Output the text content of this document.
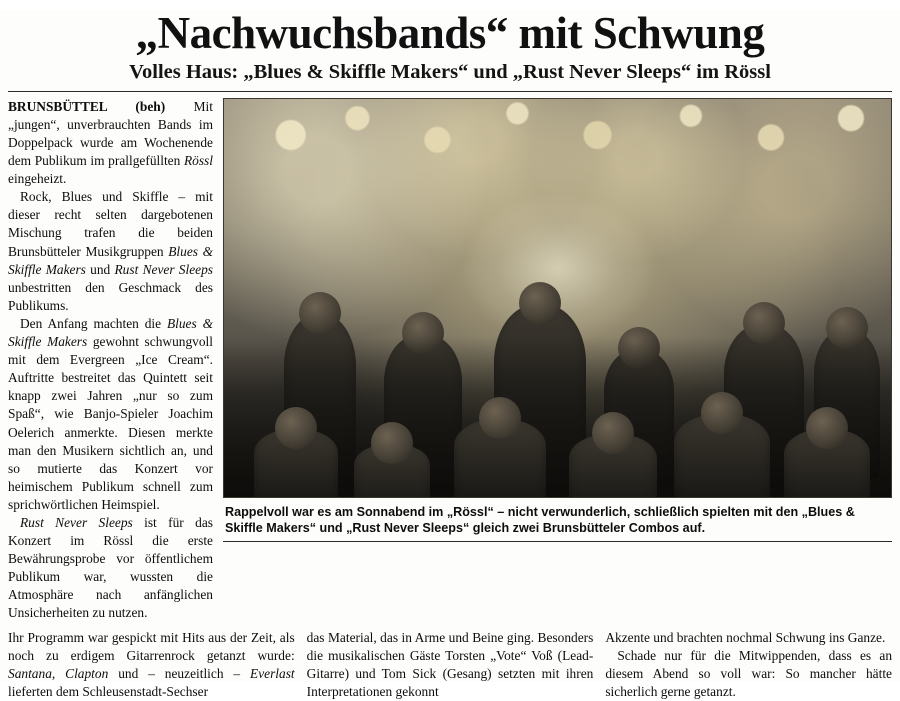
„Nachwuchsbands“ mit Schwung
Volles Haus: „Blues & Skiffle Makers“ und „Rust Never Sleeps“ im Rössl

BRUNSBÜTTEL (beh) Mit „jungen“, unverbrauchten Bands im Doppelpack wurde am Wochenende dem Publikum im prallgefüllten Rössl eingeheizt.

Rock, Blues und Skiffle – mit dieser recht selten dargebotenen Mischung trafen die beiden Brunsbütteler Musikgruppen Blues & Skiffle Makers und Rust Never Sleeps unbestritten den Geschmack des Publikums.

Den Anfang machten die Blues & Skiffle Makers gewohnt schwungvoll mit dem Evergreen „Ice Cream“. Auftritte bestreitet das Quintett seit knapp zwei Jahren „nur so zum Spaß“, wie Banjo-Spieler Joachim Oelerich anmerkte. Diesen merkte man den Musikern sichtlich an, und so mutierte das Konzert vor heimischem Publikum schnell zum sprichwörtlichen Heimspiel.

Rust Never Sleeps ist für das Konzert im Rössl die erste Bewährungsprobe vor öffentlichem Publikum war, wussten die Atmosphäre nach anfänglichen Unsicherheiten zu nutzen.

Rappelvoll war es am Sonnabend im „Rössl“ – nicht verwunderlich, schließlich spielten mit den „Blues & Skiffle Makers“ und „Rust Never Sleeps“ gleich zwei Brunsbütteler Combos auf.

Ihr Programm war gespickt mit Hits aus der Zeit, als noch zu erdigem Gitarrenrock getanzt wurde: Santana, Clapton und – neuzeitlich – Everlast lieferten dem Schleusenstadt-Sechser

das Material, das in Arme und Beine ging. Besonders die musikalischen Gäste Torsten „Vote“ Voß (Lead-Gitarre) und Tom Sick (Gesang) setzten mit ihren Interpretationen gekonnt

Akzente und brachten nochmal Schwung ins Ganze.

Schade nur für die Mitwippenden, dass es an diesem Abend so voll war: So mancher hätte sicherlich gerne getanzt.
